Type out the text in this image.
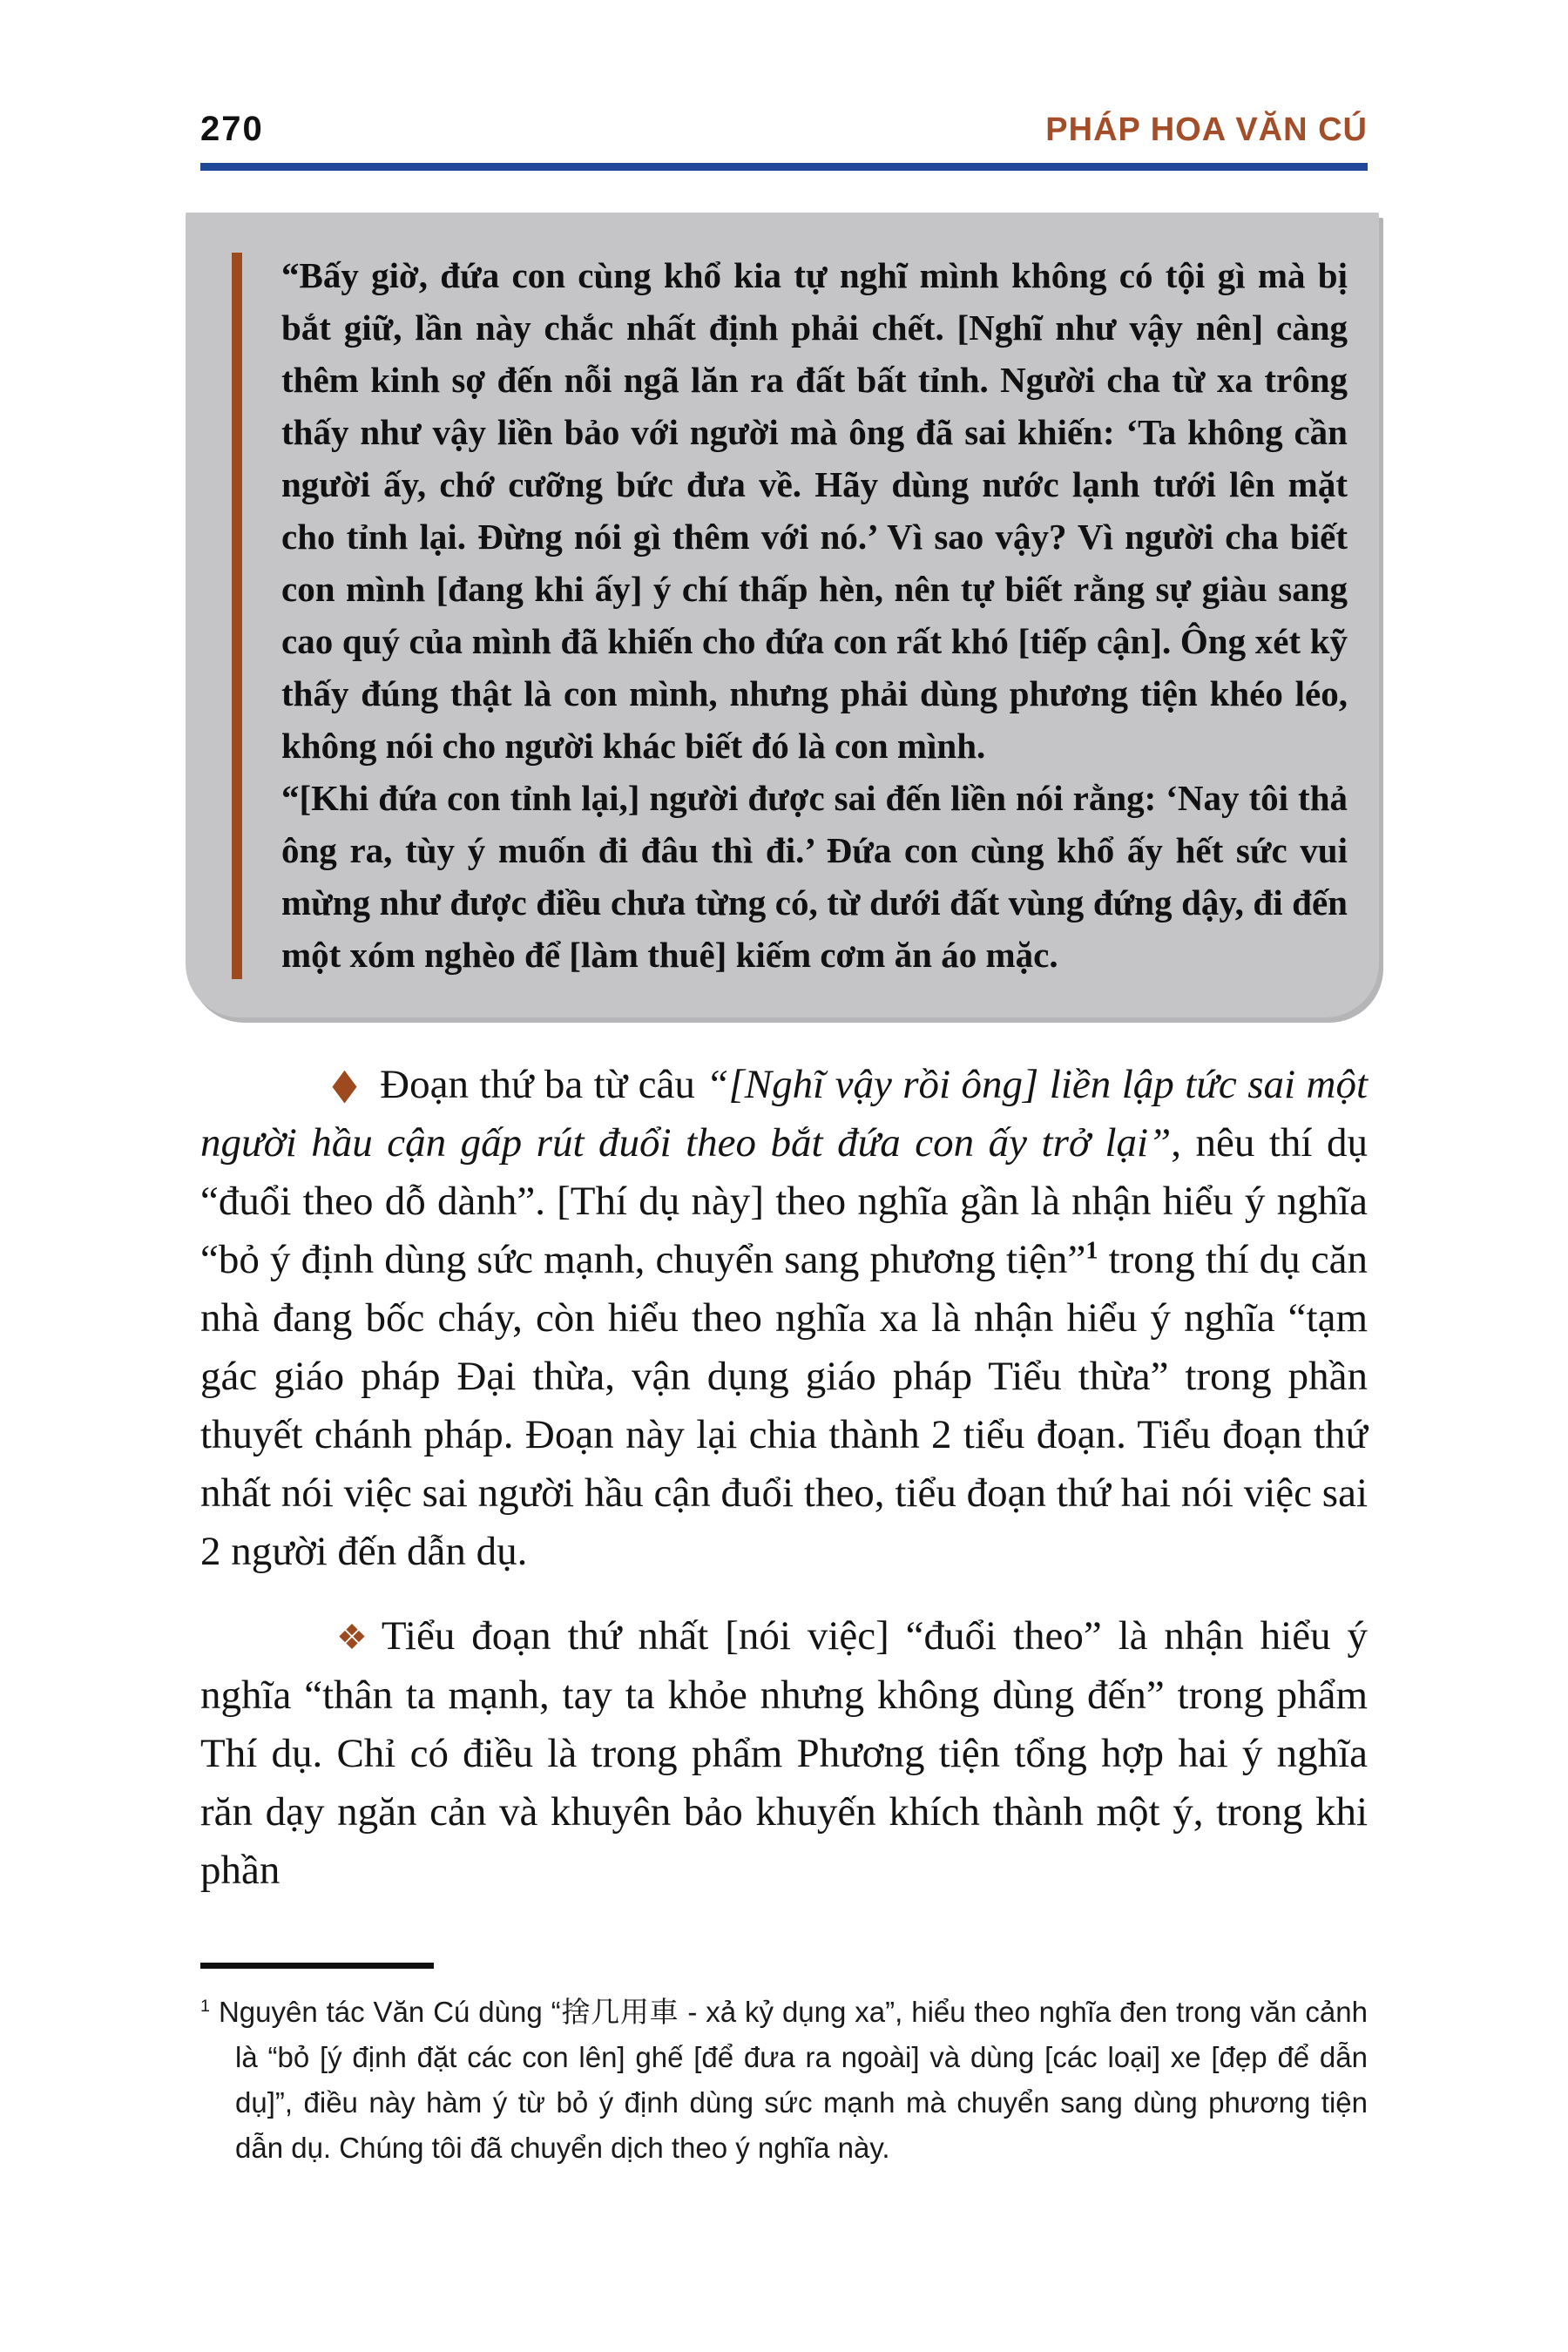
270	PHÁP HOA VĂN CÚ

“Bấy giờ, đứa con cùng khổ kia tự nghĩ mình không có tội gì mà bị bắt giữ, lần này chắc nhất định phải chết. [Nghĩ như vậy nên] càng thêm kinh sợ đến nỗi ngã lăn ra đất bất tỉnh. Người cha từ xa trông thấy như vậy liền bảo với người mà ông đã sai khiến: ‘Ta không cần người ấy, chớ cưỡng bức đưa về. Hãy dùng nước lạnh tưới lên mặt cho tỉnh lại. Đừng nói gì thêm với nó.’ Vì sao vậy? Vì người cha biết con mình [đang khi ấy] ý chí thấp hèn, nên tự biết rằng sự giàu sang cao quý của mình đã khiến cho đứa con rất khó [tiếp cận]. Ông xét kỹ thấy đúng thật là con mình, nhưng phải dùng phương tiện khéo léo, không nói cho người khác biết đó là con mình.

“[Khi đứa con tỉnh lại,] người được sai đến liền nói rằng: ‘Nay tôi thả ông ra, tùy ý muốn đi đâu thì đi.’ Đứa con cùng khổ ấy hết sức vui mừng như được điều chưa từng có, từ dưới đất vùng đứng dậy, đi đến một xóm nghèo để [làm thuê] kiếm cơm ăn áo mặc.

◆ Đoạn thứ ba từ câu “[Nghĩ vậy rồi ông] liền lập tức sai một người hầu cận gấp rút đuổi theo bắt đứa con ấy trở lại”, nêu thí dụ “đuổi theo dỗ dành”. [Thí dụ này] theo nghĩa gần là nhận hiểu ý nghĩa “bỏ ý định dùng sức mạnh, chuyển sang phương tiện”$^1$ trong thí dụ căn nhà đang bốc cháy, còn hiểu theo nghĩa xa là nhận hiểu ý nghĩa “tạm gác giáo pháp Đại thừa, vận dụng giáo pháp Tiểu thừa” trong phần thuyết chánh pháp. Đoạn này lại chia thành 2 tiểu đoạn. Tiểu đoạn thứ nhất nói việc sai người hầu cận đuổi theo, tiểu đoạn thứ hai nói việc sai 2 người đến dẫn dụ.

❖ Tiểu đoạn thứ nhất [nói việc] “đuổi theo” là nhận hiểu ý nghĩa “thân ta mạnh, tay ta khỏe nhưng không dùng đến” trong phẩm Thí dụ. Chỉ có điều là trong phẩm Phương tiện tổng hợp hai ý nghĩa răn dạy ngăn cản và khuyên bảo khuyến khích thành một ý, trong khi phần

$^1$ Nguyên tác Văn Cú dùng “捨几用車 - xả kỷ dụng xa”, hiểu theo nghĩa đen trong văn cảnh là “bỏ [ý định đặt các con lên] ghế [để đưa ra ngoài] và dùng [các loại] xe [đẹp để dẫn dụ]”, điều này hàm ý từ bỏ ý định dùng sức mạnh mà chuyển sang dùng phương tiện dẫn dụ. Chúng tôi đã chuyển dịch theo ý nghĩa này.
